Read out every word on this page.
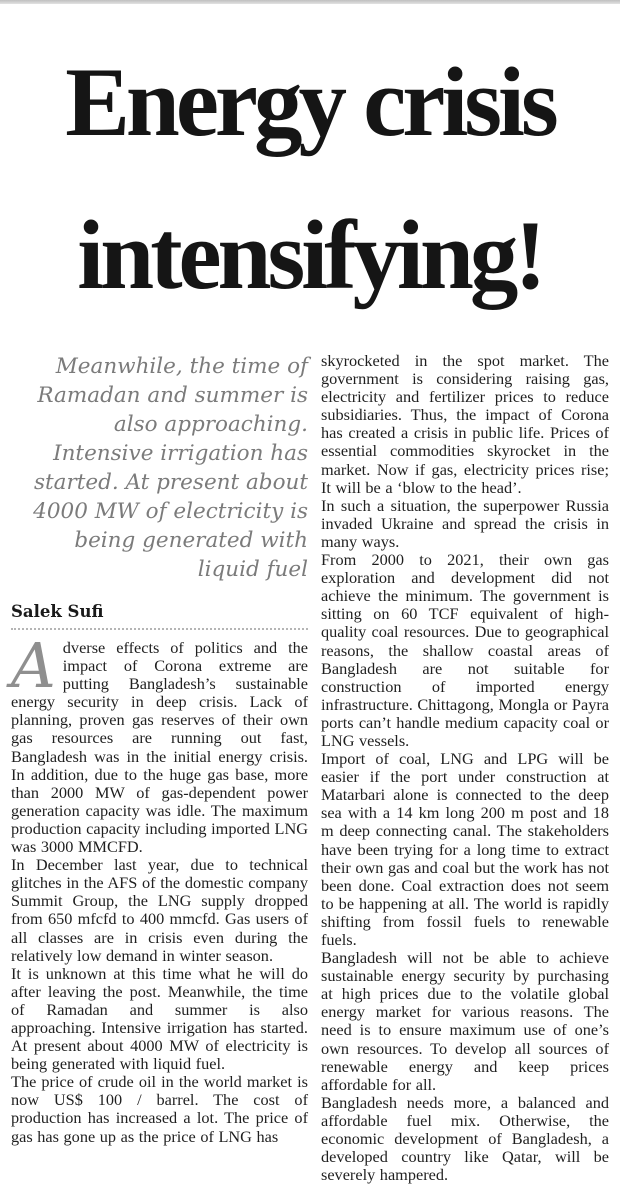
Energy crisis
intensifying!
Meanwhile, the time of Ramadan and summer is also approaching. Intensive irrigation has started. At present about 4000 MW of electricity is being generated with liquid fuel
Salek Sufi

Adverse effects of politics and the impact of Corona extreme are putting Bangladesh’s sustainable energy security in deep crisis. Lack of planning, proven gas reserves of their own gas resources are running out fast, Bangladesh was in the initial energy crisis. In addition, due to the huge gas base, more than 2000 MW of gas-dependent power generation capacity was idle. The maximum production capacity including imported LNG was 3000 MMCFD.

In December last year, due to technical glitches in the AFS of the domestic company Summit Group, the LNG supply dropped from 650 mfcfd to 400 mmcfd. Gas users of all classes are in crisis even during the relatively low demand in winter season.

It is unknown at this time what he will do after leaving the post. Meanwhile, the time of Ramadan and summer is also approaching. Intensive irrigation has started. At present about 4000 MW of electricity is being generated with liquid fuel.

The price of crude oil in the world market is now US$ 100 / barrel. The cost of production has increased a lot. The price of gas has gone up as the price of LNG has

skyrocketed in the spot market. The government is considering raising gas, electricity and fertilizer prices to reduce subsidiaries. Thus, the impact of Corona has created a crisis in public life. Prices of essential commodities skyrocket in the market. Now if gas, electricity prices rise; It will be a ‘blow to the head’.

In such a situation, the superpower Russia invaded Ukraine and spread the crisis in many ways.

From 2000 to 2021, their own gas exploration and development did not achieve the minimum. The government is sitting on 60 TCF equivalent of high-quality coal resources. Due to geographical reasons, the shallow coastal areas of Bangladesh are not suitable for construction of imported energy infrastructure. Chittagong, Mongla or Payra ports can’t handle medium capacity coal or LNG vessels.

Import of coal, LNG and LPG will be easier if the port under construction at Matarbari alone is connected to the deep sea with a 14 km long 200 m post and 18 m deep connecting canal. The stakeholders have been trying for a long time to extract their own gas and coal but the work has not been done. Coal extraction does not seem to be happening at all. The world is rapidly shifting from fossil fuels to renewable fuels.

Bangladesh will not be able to achieve sustainable energy security by purchasing at high prices due to the volatile global energy market for various reasons. The need is to ensure maximum use of one’s own resources. To develop all sources of renewable energy and keep prices affordable for all.

Bangladesh needs more, a balanced and affordable fuel mix. Otherwise, the economic development of Bangladesh, a developed country like Qatar, will be severely hampered.
